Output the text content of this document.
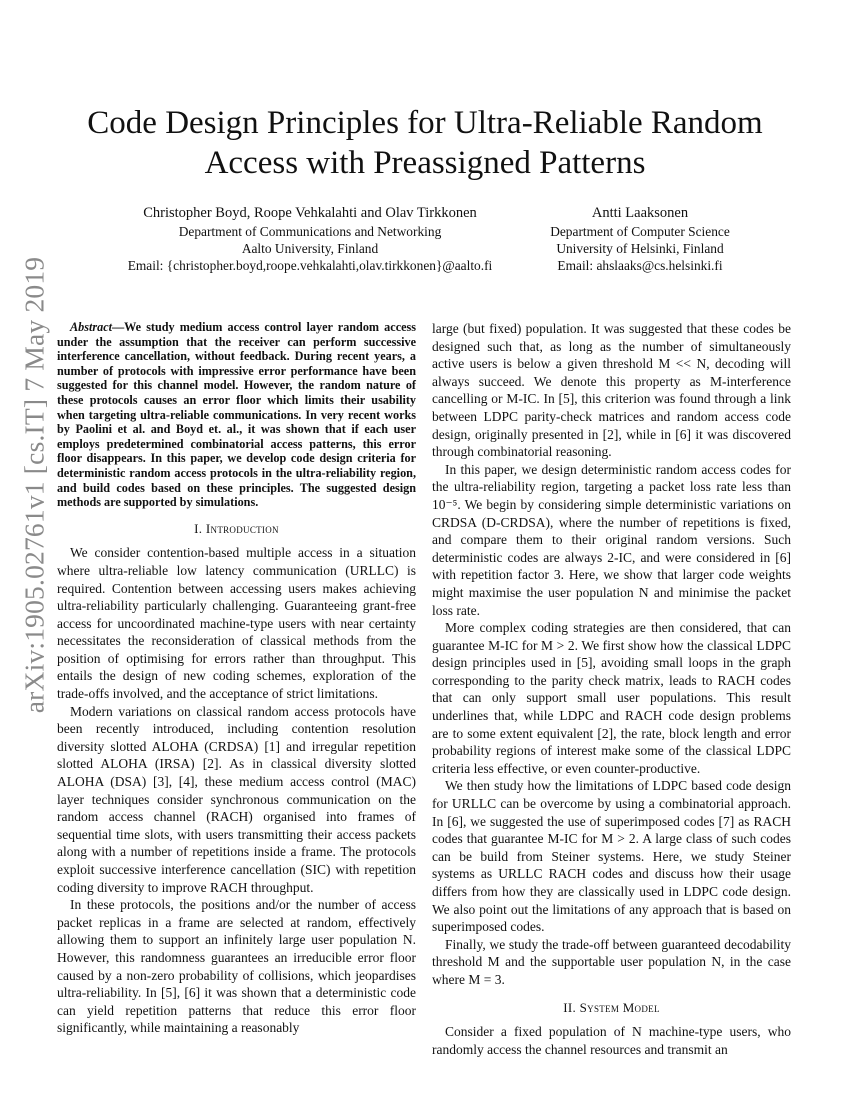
arXiv:1905.02761v1 [cs.IT] 7 May 2019
Code Design Principles for Ultra-Reliable Random Access with Preassigned Patterns
Christopher Boyd, Roope Vehkalahti and Olav Tirkkonen
Department of Communications and Networking
Aalto University, Finland
Email: {christopher.boyd,roope.vehkalahti,olav.tirkkonen}@aalto.fi
Antti Laaksonen
Department of Computer Science
University of Helsinki, Finland
Email: ahslaaks@cs.helsinki.fi

Abstract—We study medium access control layer random access under the assumption that the receiver can perform successive interference cancellation, without feedback. During recent years, a number of protocols with impressive error performance have been suggested for this channel model. However, the random nature of these protocols causes an error floor which limits their usability when targeting ultra-reliable communications. In very recent works by Paolini et al. and Boyd et. al., it was shown that if each user employs predetermined combinatorial access patterns, this error floor disappears. In this paper, we develop code design criteria for deterministic random access protocols in the ultra-reliability region, and build codes based on these principles. The suggested design methods are supported by simulations.

I. Introduction

We consider contention-based multiple access in a situation where ultra-reliable low latency communication (URLLC) is required. Contention between accessing users makes achieving ultra-reliability particularly challenging. Guaranteeing grant-free access for uncoordinated machine-type users with near certainty necessitates the reconsideration of classical methods from the position of optimising for errors rather than throughput. This entails the design of new coding schemes, exploration of the trade-offs involved, and the acceptance of strict limitations.

Modern variations on classical random access protocols have been recently introduced, including contention resolution diversity slotted ALOHA (CRDSA) [1] and irregular repetition slotted ALOHA (IRSA) [2]. As in classical diversity slotted ALOHA (DSA) [3], [4], these medium access control (MAC) layer techniques consider synchronous communication on the random access channel (RACH) organised into frames of sequential time slots, with users transmitting their access packets along with a number of repetitions inside a frame. The protocols exploit successive interference cancellation (SIC) with repetition coding diversity to improve RACH throughput.

In these protocols, the positions and/or the number of access packet replicas in a frame are selected at random, effectively allowing them to support an infinitely large user population N. However, this randomness guarantees an irreducible error floor caused by a non-zero probability of collisions, which jeopardises ultra-reliability. In [5], [6] it was shown that a deterministic code can yield repetition patterns that reduce this error floor significantly, while maintaining a reasonably

large (but fixed) population. It was suggested that these codes be designed such that, as long as the number of simultaneously active users is below a given threshold M << N, decoding will always succeed. We denote this property as M-interference cancelling or M-IC. In [5], this criterion was found through a link between LDPC parity-check matrices and random access code design, originally presented in [2], while in [6] it was discovered through combinatorial reasoning.

In this paper, we design deterministic random access codes for the ultra-reliability region, targeting a packet loss rate less than 10⁻⁵. We begin by considering simple deterministic variations on CRDSA (D-CRDSA), where the number of repetitions is fixed, and compare them to their original random versions. Such deterministic codes are always 2-IC, and were considered in [6] with repetition factor 3. Here, we show that larger code weights might maximise the user population N and minimise the packet loss rate.

More complex coding strategies are then considered, that can guarantee M-IC for M > 2. We first show how the classical LDPC design principles used in [5], avoiding small loops in the graph corresponding to the parity check matrix, leads to RACH codes that can only support small user populations. This result underlines that, while LDPC and RACH code design problems are to some extent equivalent [2], the rate, block length and error probability regions of interest make some of the classical LDPC criteria less effective, or even counter-productive.

We then study how the limitations of LDPC based code design for URLLC can be overcome by using a combinatorial approach. In [6], we suggested the use of superimposed codes [7] as RACH codes that guarantee M-IC for M > 2. A large class of such codes can be build from Steiner systems. Here, we study Steiner systems as URLLC RACH codes and discuss how their usage differs from how they are classically used in LDPC code design. We also point out the limitations of any approach that is based on superimposed codes.

Finally, we study the trade-off between guaranteed decodability threshold M and the supportable user population N, in the case where M = 3.

II. System Model

Consider a fixed population of N machine-type users, who randomly access the channel resources and transmit an
